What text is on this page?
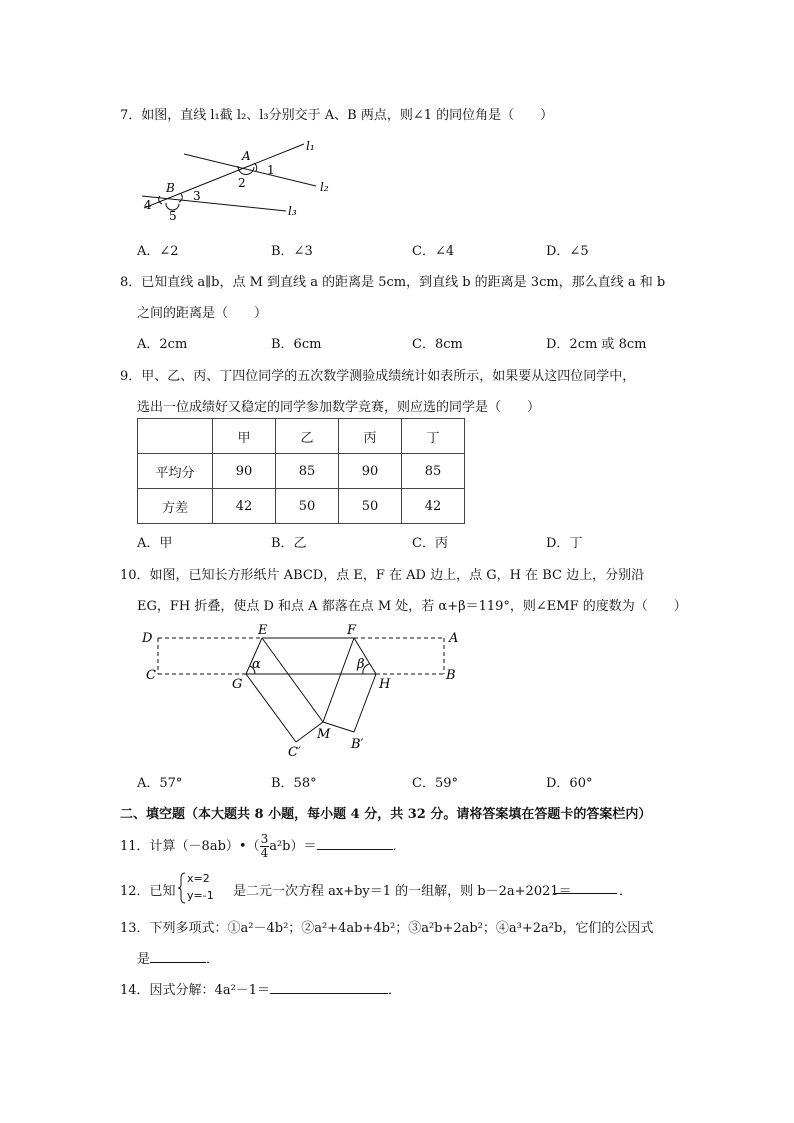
7．如图，直线 l₁截 l₂、l₃分别交于 A、B 两点，则∠1 的同位角是（　　）
l₁
l₂
l₃
A
B
1
2
3
4
5
A．∠2	B．∠3	C．∠4	D．∠5
8．已知直线 a∥b，点 M 到直线 a 的距离是 5cm，到直线 b 的距离是 3cm，那么直线 a 和 b
之间的距离是（　　）
A．2cm	B．6cm	C．8cm	D．2cm 或 8cm
9．甲、乙、丙、丁四位同学的五次数学测验成绩统计如表所示，如果要从这四位同学中，
选出一位成绩好又稳定的同学参加数学竞赛，则应选的同学是（　　）
	甲	乙	丙	丁
平均分	90	85	90	85
方差	42	50	50	42
A．甲	B．乙	C．丙	D．丁
10．如图，已知长方形纸片 ABCD，点 E，F 在 AD 边上，点 G，H 在 BC 边上，分别沿
EG，FH 折叠，使点 D 和点 A 都落在点 M 处，若 α+β＝119°，则∠EMF 的度数为（　　）
D
E	F
A
C
G	H
B
M
C′
B′
α	β
A．57°	B．58°	C．59°	D．60°
二、填空题（本大题共 8 小题，每小题 4 分，共 32 分。请将答案填在答题卡的答案栏内）
11．计算（－8ab）•（ $\frac{3}{4} a^2b)=$	．
12．已知
x=2
y=-1 是二元一次方程 ax+by＝1 的一组解，则 b－2a+2021＝	．
13．下列多项式：①a²－4b²；②a²+4ab+4b²；③a²b+2ab²；④a³+2a²b，它们的公因式
是	．
14．因式分解：4a²－1＝	．
